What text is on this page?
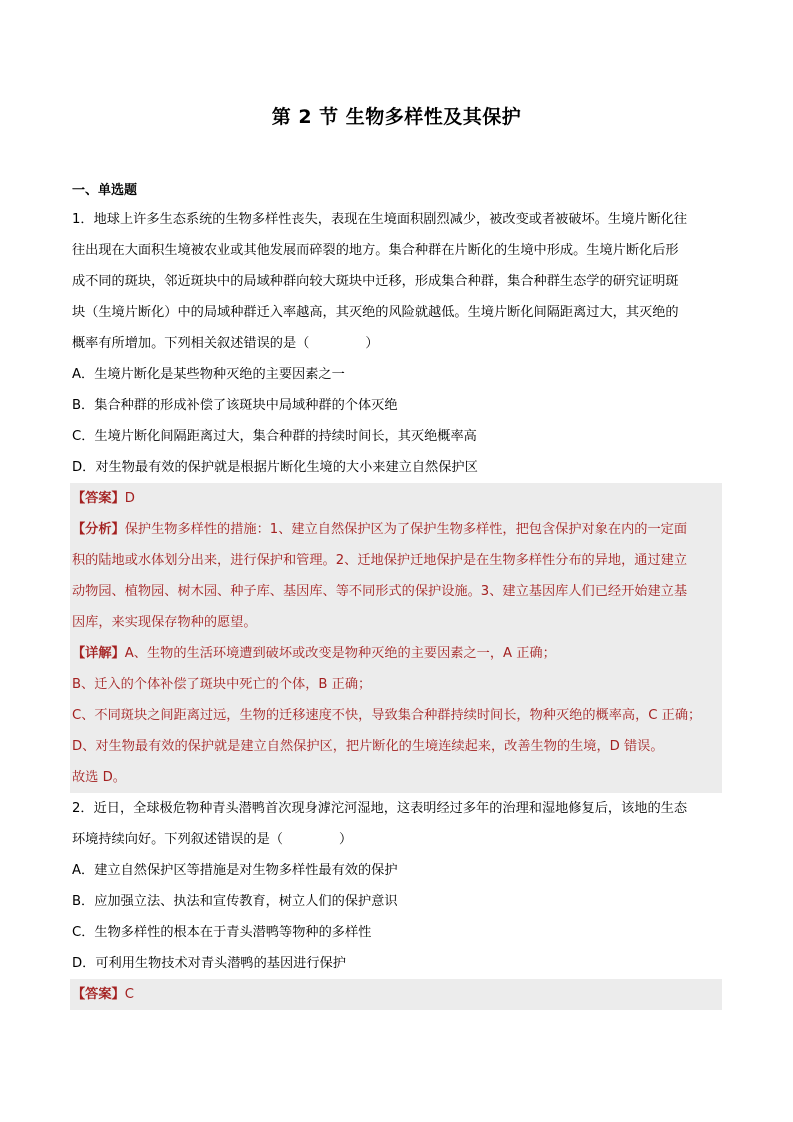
第 2 节 生物多样性及其保护
一、单选题
1．地球上许多生态系统的生物多样性丧失，表现在生境面积剧烈减少，被改变或者被破坏。生境片断化往
往出现在大面积生境被农业或其他发展而碎裂的地方。集合种群在片断化的生境中形成。生境片断化后形
成不同的斑块，邻近斑块中的局域种群向较大斑块中迁移，形成集合种群，集合种群生态学的研究证明斑
块（生境片断化）中的局域种群迁入率越高，其灭绝的风险就越低。生境片断化间隔距离过大，其灭绝的
概率有所增加。下列相关叙述错误的是（	）
A．生境片断化是某些物种灭绝的主要因素之一
B．集合种群的形成补偿了该斑块中局域种群的个体灭绝
C．生境片断化间隔距离过大，集合种群的持续时间长，其灭绝概率高
D．对生物最有效的保护就是根据片断化生境的大小来建立自然保护区
【答案】D
【分析】保护生物多样性的措施：1、建立自然保护区为了保护生物多样性，把包含保护对象在内的一定面
积的陆地或水体划分出来，进行保护和管理。2、迁地保护迁地保护是在生物多样性分布的异地，通过建立
动物园、植物园、树木园、种子库、基因库、等不同形式的保护设施。3、建立基因库人们已经开始建立基
因库，来实现保存物种的愿望。
【详解】A、生物的生活环境遭到破坏或改变是物种灭绝的主要因素之一，A 正确；
B、迁入的个体补偿了斑块中死亡的个体，B 正确；
C、不同斑块之间距离过远，生物的迁移速度不快，导致集合种群持续时间长，物种灭绝的概率高，C 正确；
D、对生物最有效的保护就是建立自然保护区，把片断化的生境连续起来，改善生物的生境，D 错误。
故选 D。
2．近日，全球极危物种青头潜鸭首次现身滹沱河湿地，这表明经过多年的治理和湿地修复后，该地的生态
环境持续向好。下列叙述错误的是（	）
A．建立自然保护区等措施是对生物多样性最有效的保护
B．应加强立法、执法和宣传教育，树立人们的保护意识
C．生物多样性的根本在于青头潜鸭等物种的多样性
D．可利用生物技术对青头潜鸭的基因进行保护
【答案】C
